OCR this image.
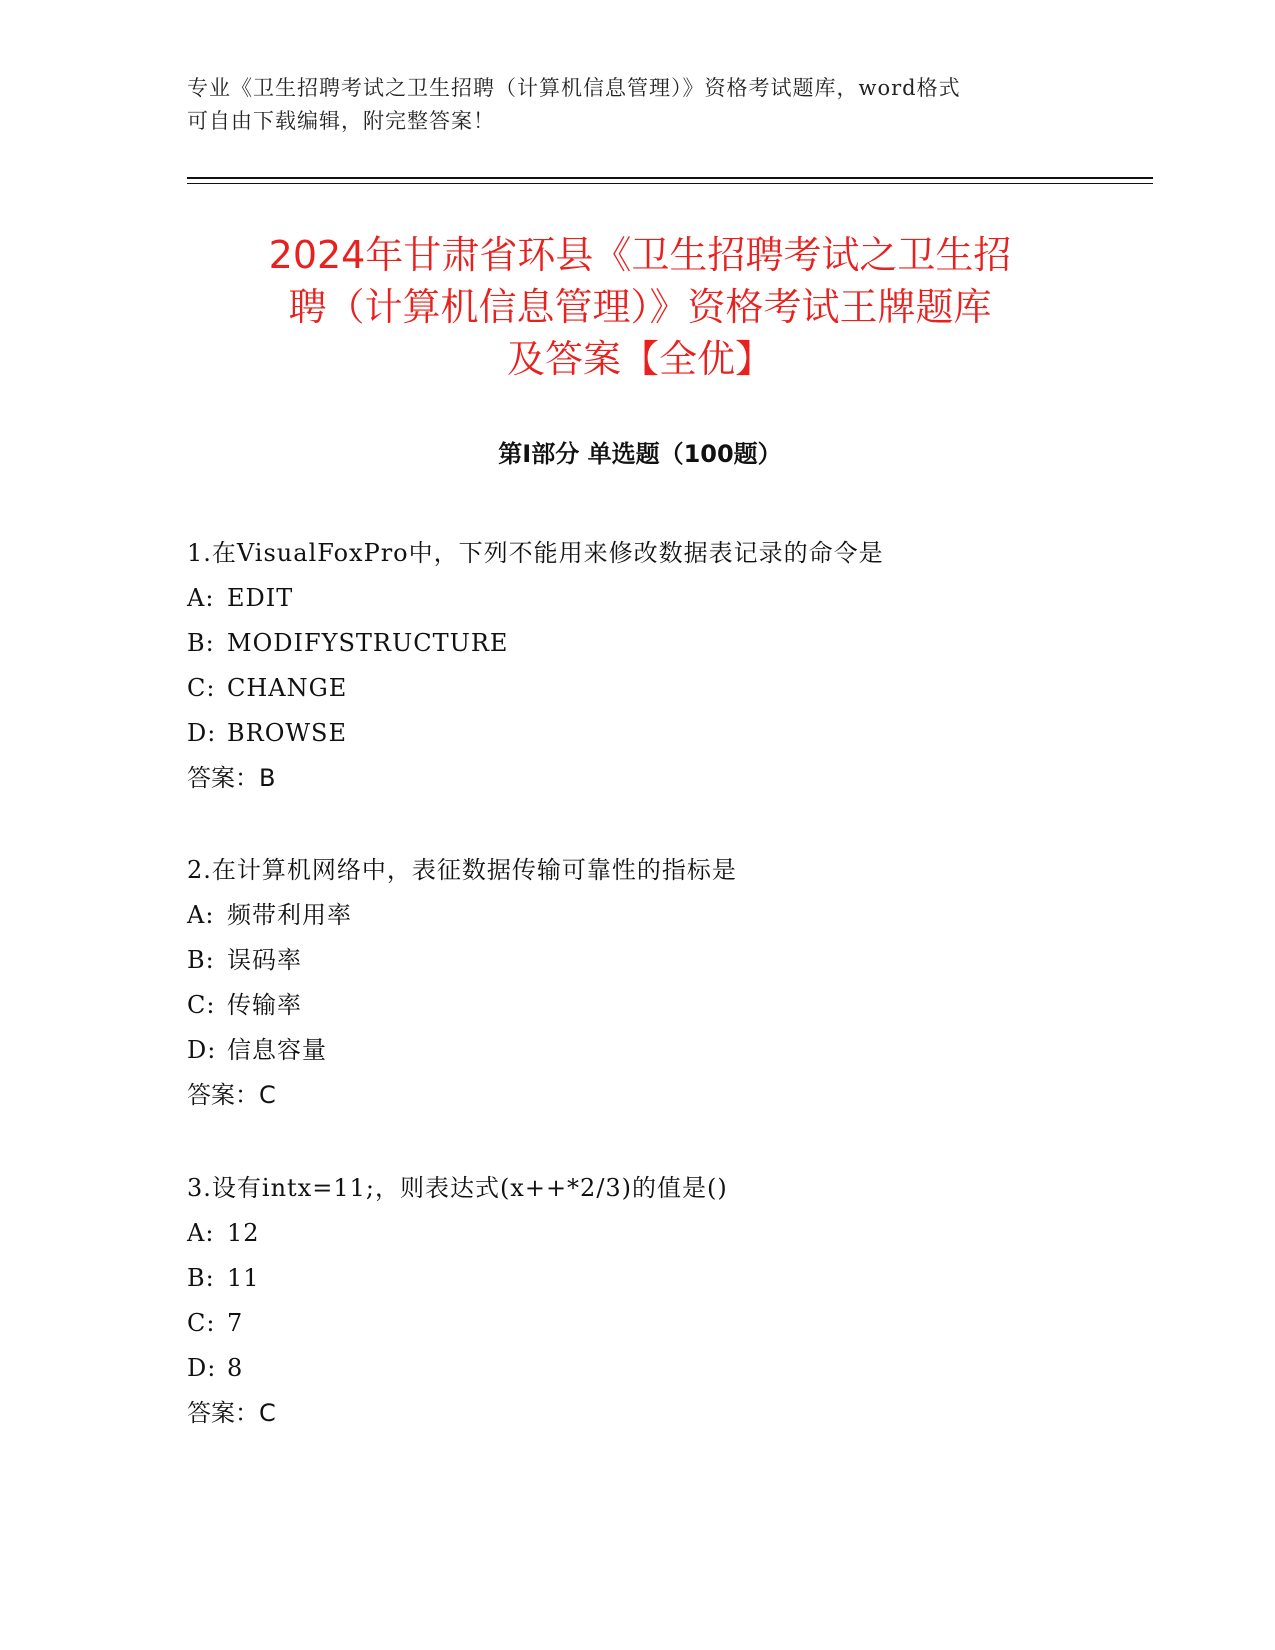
专业《卫生招聘考试之卫生招聘（计算机信息管理）》资格考试题库，word格式

可自由下载编辑，附完整答案！

2024年甘肃省环县《卫生招聘考试之卫生招
聘（计算机信息管理）》资格考试王牌题库
及答案【全优】
第Ⅰ部分 单选题（100题）
1.在VisualFoxPro中，下列不能用来修改数据表记录的命令是
A: EDIT
B: MODIFYSTRUCTURE
C: CHANGE
D: BROWSE
答案：B
2.在计算机网络中，表征数据传输可靠性的指标是
A: 频带利用率
B: 误码率
C: 传输率
D: 信息容量
答案：C
3.设有intx=11;，则表达式(x++*2/3)的值是()
A: 12
B: 11
C: 7
D: 8
答案：C
